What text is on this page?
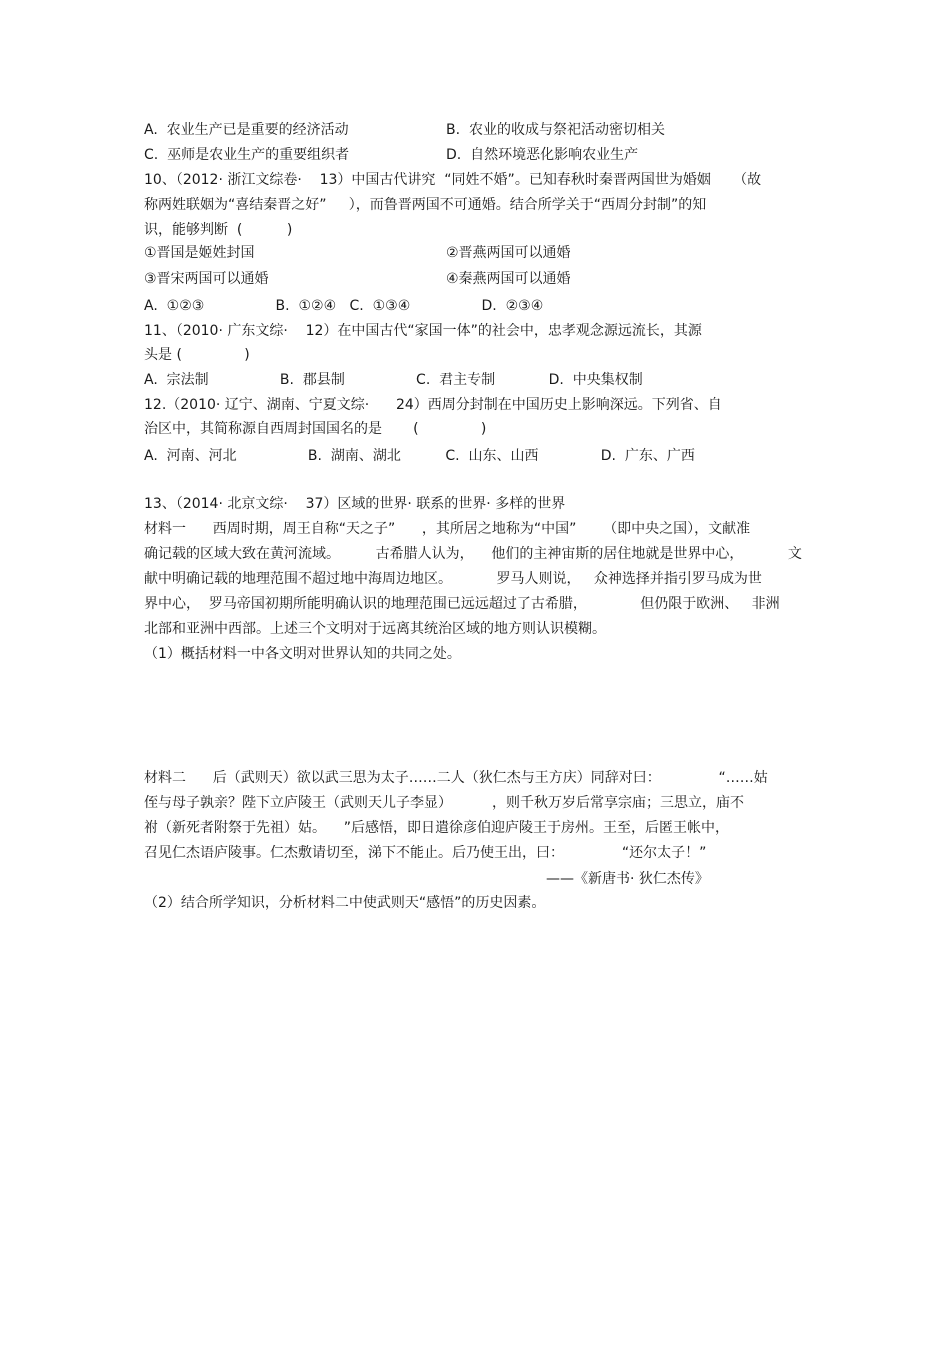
A.  农业生产已是重要的经济活动	B.  农业的收成与祭祀活动密切相关
C.  巫师是农业生产的重要组织者	D.  自然环境恶化影响农业生产
10、（2012· 浙江文综卷·    13）中国古代讲究  “同姓不婚”。已知春秋时秦晋两国世为婚姻     （故
称两姓联姻为“喜结秦晋之好”     ），而鲁晋两国不可通婚。结合所学关于“西周分封制”的知
识，能够判断  (          )
①晋国是姬姓封国	②晋燕两国可以通婚
③晋宋两国可以通婚	④秦燕两国可以通婚
A.  ①②③                B.  ①②④   C.  ①③④                D.  ②③④
11、（2010· 广东文综·    12）在中国古代“家国一体”的社会中，忠孝观念源远流长，其源
头是 (              )
A.  宗法制                B.  郡县制                C.  君主专制            D.  中央集权制
12.（2010· 辽宁、湖南、宁夏文综·      24）西周分封制在中国历史上影响深远。下列省、自
治区中，其简称源自西周封国国名的是       (              )
A.  河南、河北                B.  湖南、湖北          C.  山东、山西              D.  广东、广西
13、（2014· 北京文综·    37）区域的世界· 联系的世界· 多样的世界
材料一      西周时期，周王自称“天之子”      ，其所居之地称为“中国”      （即中央之国），文献准
确记载的区域大致在黄河流域。        古希腊人认为，    他们的主神宙斯的居住地就是世界中心，          文
献中明确记载的地理范围不超过地中海周边地区。          罗马人则说，   众神选择并指引罗马成为世
界中心，  罗马帝国初期所能明确认识的地理范围已远远超过了古希腊，            但仍限于欧洲、   非洲
北部和亚洲中西部。上述三个文明对于远离其统治区域的地方则认识模糊。
（1）概括材料一中各文明对世界认知的共同之处。
材料二      后（武则天）欲以武三思为太子……二人（狄仁杰与王方庆）同辞对曰：             “……姑
侄与母子孰亲？陛下立庐陵王（武则天儿子李显）         ，则千秋万岁后常享宗庙；三思立，庙不
祔（新死者附祭于先祖）姑。    ”后感悟，即日遣徐彦伯迎庐陵王于房州。王至，后匿王帐中，
召见仁杰语庐陵事。仁杰敷请切至，涕下不能止。后乃使王出，曰：             “还尔太子！”
——《新唐书· 狄仁杰传》
（2）结合所学知识，分析材料二中使武则天“感悟”的历史因素。
